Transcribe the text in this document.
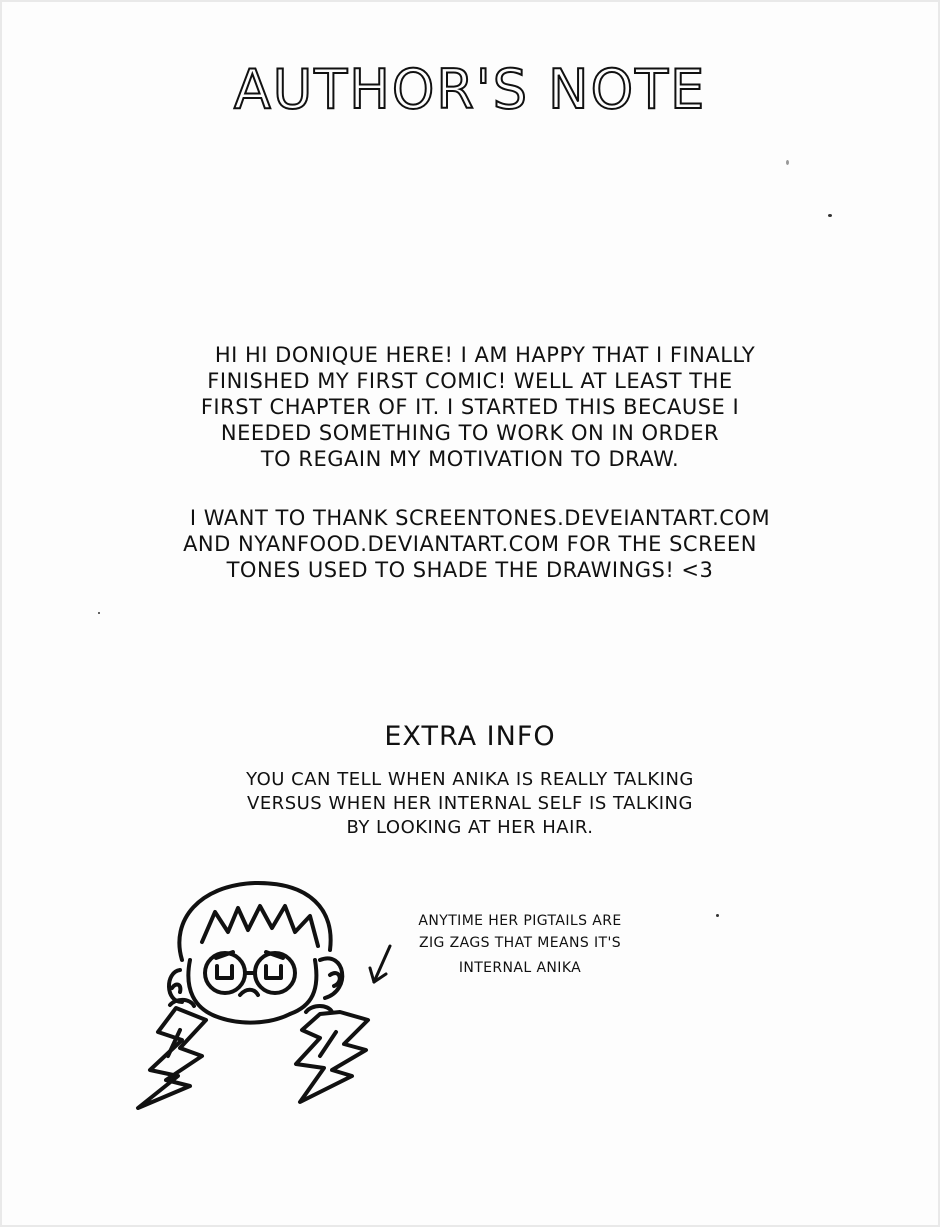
AUTHOR'S NOTE
HI HI DONIQUE HERE! I AM HAPPY THAT I FINALLY
FINISHED MY FIRST COMIC! WELL AT LEAST THE
FIRST CHAPTER OF IT. I STARTED THIS BECAUSE I
NEEDED SOMETHING TO WORK ON IN ORDER
TO REGAIN MY MOTIVATION TO DRAW.
I WANT TO THANK SCREENTONES.DEVEIANTART.COM
AND NYANFOOD.DEVIANTART.COM FOR THE SCREEN
TONES USED TO SHADE THE DRAWINGS! <3
EXTRA INFO
YOU CAN TELL WHEN ANIKA IS REALLY TALKING
VERSUS WHEN HER INTERNAL SELF IS TALKING
BY LOOKING AT HER HAIR.
ANYTIME HER PIGTAILS ARE
ZIG ZAGS THAT MEANS IT'S
INTERNAL ANIKA
